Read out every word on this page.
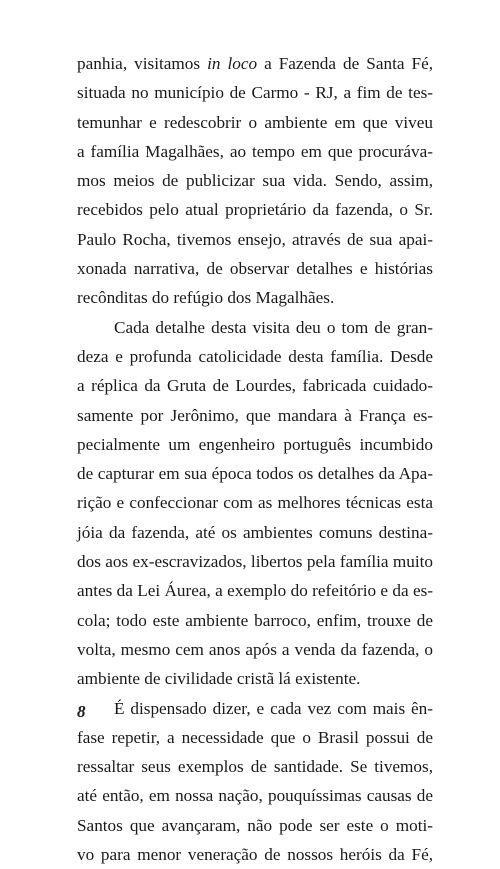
panhia, visitamos in loco a Fazenda de Santa Fé,
situada no município de Carmo - RJ, a fim de tes-
temunhar e redescobrir o ambiente em que viveu
a família Magalhães, ao tempo em que procuráva-
mos meios de publicizar sua vida. Sendo, assim,
recebidos pelo atual proprietário da fazenda, o Sr.
Paulo Rocha, tivemos ensejo, através de sua apai-
xonada narrativa, de observar detalhes e histórias
recônditas do refúgio dos Magalhães.
Cada detalhe desta visita deu o tom de gran-
deza e profunda catolicidade desta família. Desde
a réplica da Gruta de Lourdes, fabricada cuidado-
samente por Jerônimo, que mandara à França es-
pecialmente um engenheiro português incumbido
de capturar em sua época todos os detalhes da Apa-
rição e confeccionar com as melhores técnicas esta
jóia da fazenda, até os ambientes comuns destina-
dos aos ex-escravizados, libertos pela família muito
antes da Lei Áurea, a exemplo do refeitório e da es-
cola; todo este ambiente barroco, enfim, trouxe de
volta, mesmo cem anos após a venda da fazenda, o
ambiente de civilidade cristã lá existente.
É dispensado dizer, e cada vez com mais ên-
fase repetir, a necessidade que o Brasil possui de
ressaltar seus exemplos de santidade. Se tivemos,
até então, em nossa nação, pouquíssimas causas de
Santos que avançaram, não pode ser este o moti-
vo para menor veneração de nossos heróis da Fé,
8
